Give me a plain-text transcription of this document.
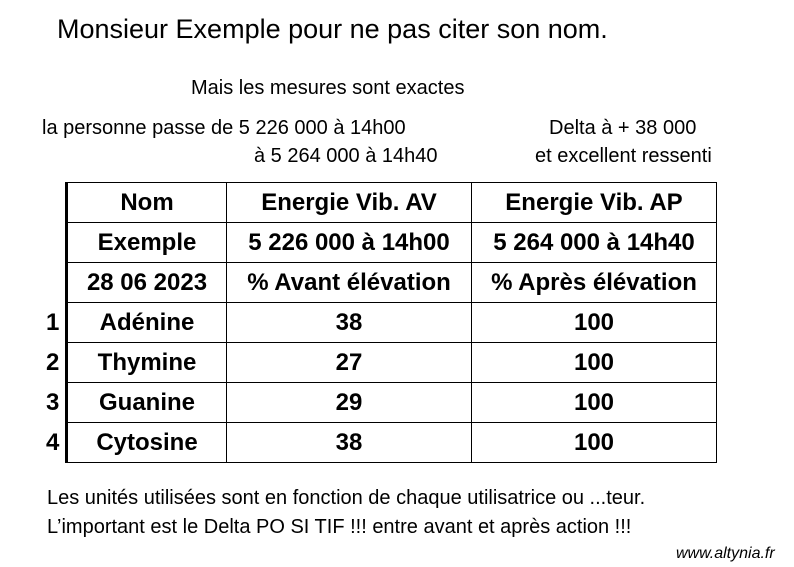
Monsieur Exemple pour ne pas citer son nom.
Mais les mesures sont exactes
la personne passe de 5 226 000 à 14h00
à 5 264 000 à 14h40
Delta à + 38 000
et excellent ressenti
	Nom	Energie Vib. AV	Energie Vib. AP
	Exemple	5 226 000 à 14h00	5 264 000 à 14h40
	28 06 2023	% Avant élévation	% Après élévation
1	Adénine	38	100
2	Thymine	27	100
3	Guanine	29	100
4	Cytosine	38	100
Les unités utilisées sont en fonction de chaque utilisatrice ou ...teur.
L’important est le Delta PO SI TIF !!! entre avant et après action !!!
www.altynia.fr
